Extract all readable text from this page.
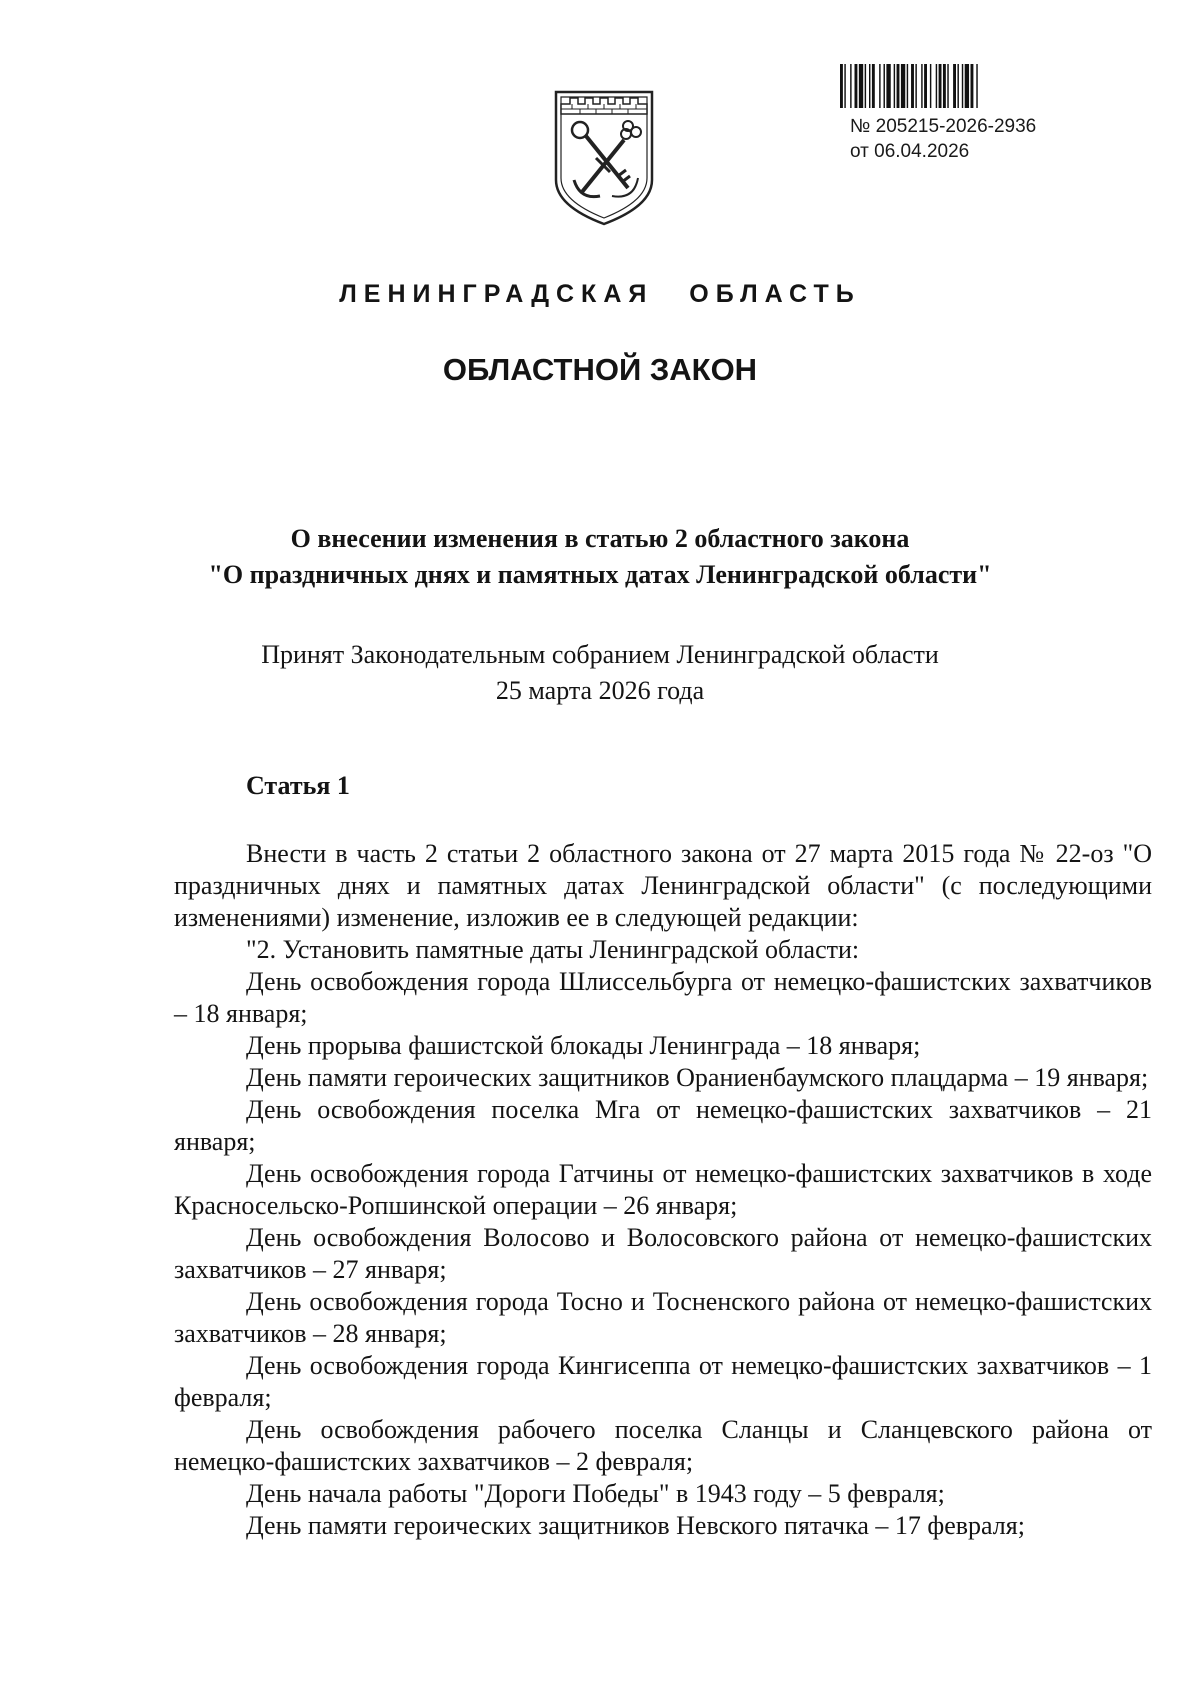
№ 205215-2026-2936
от 06.04.2026
ЛЕНИНГРАДСКАЯ ОБЛАСТЬ
ОБЛАСТНОЙ ЗАКОН
О внесении изменения в статью 2 областного закона
"О праздничных днях и памятных датах Ленинградской области"
Принят Законодательным собранием Ленинградской области
25 марта 2026 года
Статья 1

Внести в часть 2 статьи 2 областного закона от 27 марта 2015 года № 22-оз "О праздничных днях и памятных датах Ленинградской области" (с последующими изменениями) изменение, изложив ее в следующей редакции:

"2. Установить памятные даты Ленинградской области:

День освобождения города Шлиссельбурга от немецко-фашистских захватчиков – 18 января;

День прорыва фашистской блокады Ленинграда – 18 января;

День памяти героических защитников Ораниенбаумского плацдарма – 19 января;

День освобождения поселка Мга от немецко-фашистских захватчиков – 21 января;

День освобождения города Гатчины от немецко-фашистских захватчиков в ходе Красносельско-Ропшинской операции – 26 января;

День освобождения Волосово и Волосовского района от немецко-фашистских захватчиков – 27 января;

День освобождения города Тосно и Тосненского района от немецко-фашистских захватчиков – 28 января;

День освобождения города Кингисеппа от немецко-фашистских захватчиков – 1 февраля;

День освобождения рабочего поселка Сланцы и Сланцевского района от немецко-фашистских захватчиков – 2 февраля;

День начала работы "Дороги Победы" в 1943 году – 5 февраля;

День памяти героических защитников Невского пятачка – 17 февраля;
